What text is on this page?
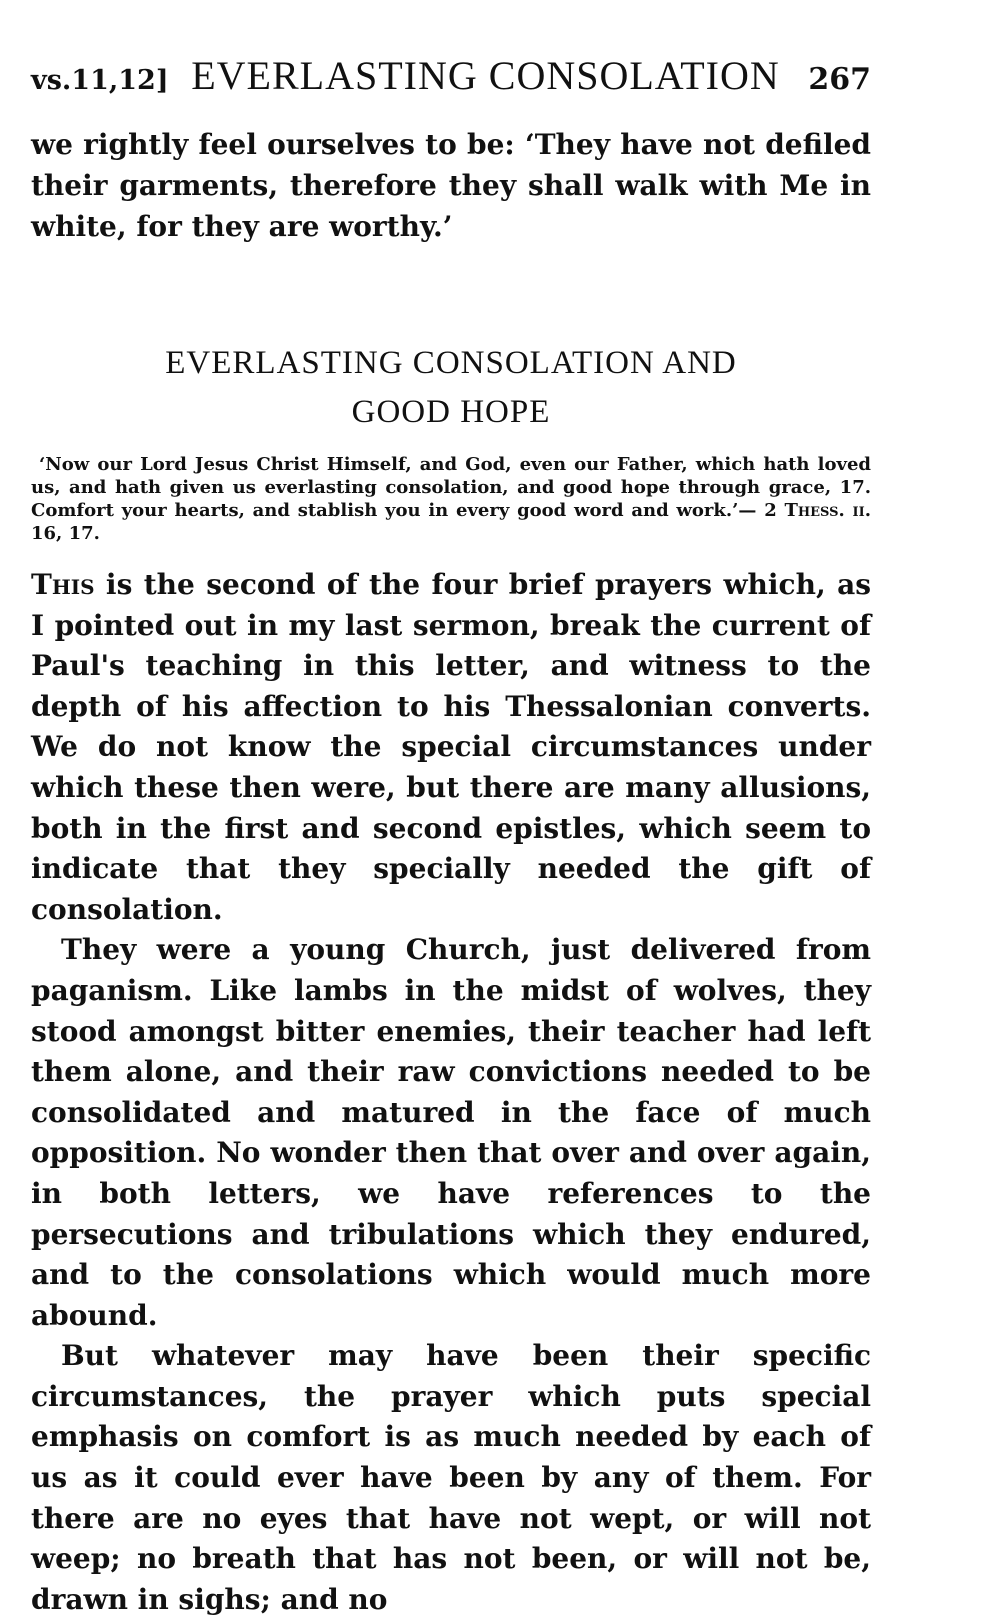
vs.11,12] EVERLASTING CONSOLATION 267
we rightly feel ourselves to be: ‘They have not defiled their garments, therefore they shall walk with Me in white, for they are worthy.’
EVERLASTING CONSOLATION AND
GOOD HOPE
‘Now our Lord Jesus Christ Himself, and God, even our Father, which hath loved us, and hath given us everlasting consolation, and good hope through grace, 17. Comfort your hearts, and stablish you in every good word and work.’— 2 Thess. ii. 16, 17.

This is the second of the four brief prayers which, as I pointed out in my last sermon, break the current of Paul's teaching in this letter, and witness to the depth of his affection to his Thessalonian converts. We do not know the special circumstances under which these then were, but there are many allusions, both in the first and second epistles, which seem to indicate that they specially needed the gift of consolation.

They were a young Church, just delivered from paganism. Like lambs in the midst of wolves, they stood amongst bitter enemies, their teacher had left them alone, and their raw convictions needed to be consolidated and matured in the face of much opposition. No wonder then that over and over again, in both letters, we have references to the persecutions and tribulations which they endured, and to the consolations which would much more abound.

But whatever may have been their specific circumstances, the prayer which puts special emphasis on comfort is as much needed by each of us as it could ever have been by any of them. For there are no eyes that have not wept, or will not weep; no breath that has not been, or will not be, drawn in sighs; and no
